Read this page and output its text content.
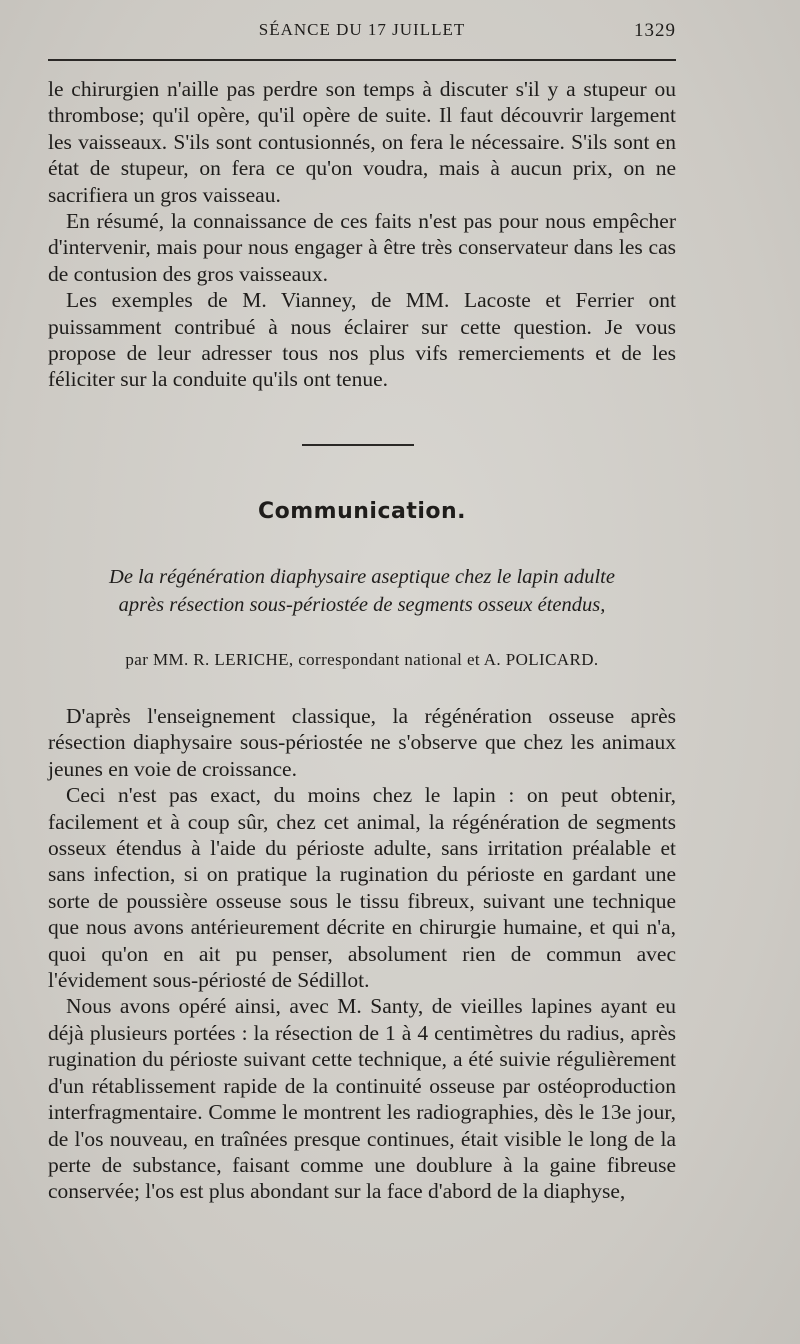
SÉANCE DU 17 JUILLET	1329

le chirurgien n'aille pas perdre son temps à discuter s'il y a stupeur ou thrombose; qu'il opère, qu'il opère de suite. Il faut découvrir largement les vaisseaux. S'ils sont contusionnés, on fera le nécessaire. S'ils sont en état de stupeur, on fera ce qu'on voudra, mais à aucun prix, on ne sacrifiera un gros vaisseau.

En résumé, la connaissance de ces faits n'est pas pour nous empêcher d'intervenir, mais pour nous engager à être très conservateur dans les cas de contusion des gros vaisseaux.

Les exemples de M. Vianney, de MM. Lacoste et Ferrier ont puissamment contribué à nous éclairer sur cette question. Je vous propose de leur adresser tous nos plus vifs remerciements et de les féliciter sur la conduite qu'ils ont tenue.

Communication.
De la régénération diaphysaire aseptique chez le lapin adulte
après résection sous-périostée de segments osseux étendus,
par MM. R. LERICHE, correspondant national et A. POLICARD.

D'après l'enseignement classique, la régénération osseuse après résection diaphysaire sous-périostée ne s'observe que chez les animaux jeunes en voie de croissance.

Ceci n'est pas exact, du moins chez le lapin : on peut obtenir, facilement et à coup sûr, chez cet animal, la régénération de segments osseux étendus à l'aide du périoste adulte, sans irritation préalable et sans infection, si on pratique la rugination du périoste en gardant une sorte de poussière osseuse sous le tissu fibreux, suivant une technique que nous avons antérieurement décrite en chirurgie humaine, et qui n'a, quoi qu'on en ait pu penser, absolument rien de commun avec l'évidement sous-périosté de Sédillot.

Nous avons opéré ainsi, avec M. Santy, de vieilles lapines ayant eu déjà plusieurs portées : la résection de 1 à 4 centimètres du radius, après rugination du périoste suivant cette technique, a été suivie régulièrement d'un rétablissement rapide de la continuité osseuse par ostéoproduction interfragmentaire. Comme le montrent les radiographies, dès le 13e jour, de l'os nouveau, en traînées presque continues, était visible le long de la perte de substance, faisant comme une doublure à la gaine fibreuse conservée; l'os est plus abondant sur la face d'abord de la diaphyse,
